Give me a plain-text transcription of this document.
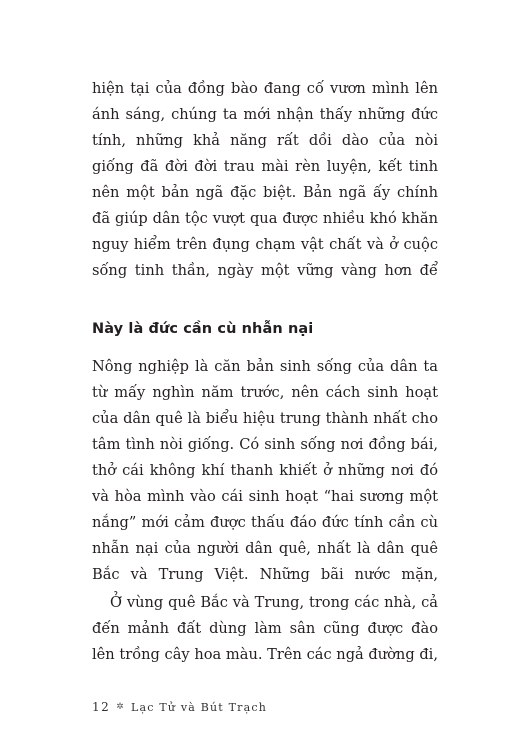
hiện tại của đồng bào đang cố vươn mình lên ánh sáng, chúng ta mới nhận thấy những đức tính, những khả năng rất dồi dào của nòi giống đã đời đời trau mài rèn luyện, kết tinh nên một bản ngã đặc biệt. Bản ngã ấy chính đã giúp dân tộc vượt qua được nhiều khó khăn nguy hiểm trên đụng chạm vật chất và ở cuộc sống tinh thần, ngày một vững vàng hơn để

Này là đức cần cù nhẫn nại

Nông nghiệp là căn bản sinh sống của dân ta từ mấy nghìn năm trước, nên cách sinh hoạt của dân quê là biểu hiệu trung thành nhất cho tâm tình nòi giống. Có sinh sống nơi đồng bái, thở cái không khí thanh khiết ở những nơi đó và hòa mình vào cái sinh hoạt “hai sương một nắng” mới cảm được thấu đáo đức tính cần cù nhẫn nại của người dân quê, nhất là dân quê Bắc và Trung Việt. Những bãi nước mặn,

Ở vùng quê Bắc và Trung, trong các nhà, cả đến mảnh đất dùng làm sân cũng được đào lên trồng cây hoa màu. Trên các ngả đường đi,

12 ✲ Lạc Tử và Bút Trạch
